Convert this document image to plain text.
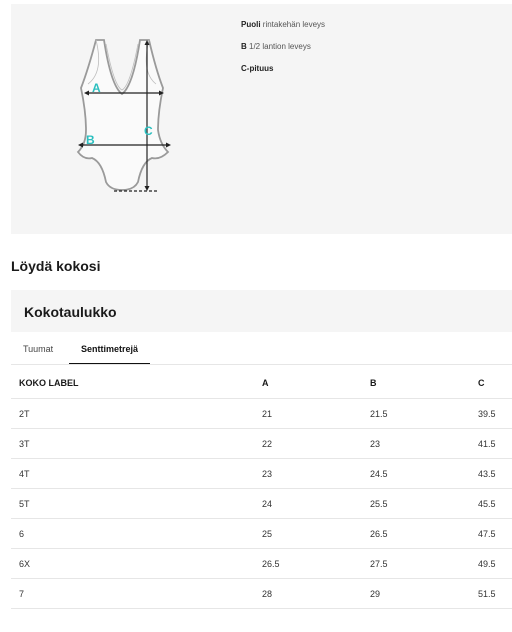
A
B
C
Puoli rintakehän leveys
B 1/2 lantion leveys
C-pituus
Löydä kokosi
Kokotaulukko
Tuumat	Senttimetrejä
KOKO LABEL	A	B	C
2T	21	21.5	39.5
3T	22	23	41.5
4T	23	24.5	43.5
5T	24	25.5	45.5
6	25	26.5	47.5
6X	26.5	27.5	49.5
7	28	29	51.5
